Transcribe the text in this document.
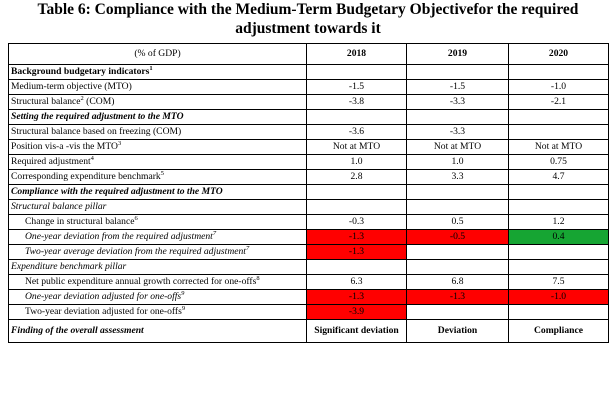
Table 6: Compliance with the Medium-Term Budgetary Objectivefor the required
adjustment towards it
(% of GDP)	2018	2019	2020
Background budgetary indicators$^1$			
Medium-term objective (MTO)	-1.5	-1.5	-1.0
Structural balance$^2$ (COM)	-3.8	-3.3	-2.1
Setting the required adjustment to the MTO			
Structural balance based on freezing (COM)	-3.6	-3.3	
Position vis-a -vis the MTO$^3$	Not at MTO	Not at MTO	Not at MTO
Required adjustment$^4$	1.0	1.0	0.75
Corresponding expenditure benchmark$^5$	2.8	3.3	4.7
Compliance with the required adjustment to the MTO			
Structural balance pillar			
Change in structural balance$^6$	-0.3	0.5	1.2
One-year deviation from the required adjustment$^7$	-1.3	-0.5	0.4
Two-year average deviation from the required adjustment$^7$	-1.3		
Expenditure benchmark pillar			
Net public expenditure annual growth corrected for one-offs$^8$	6.3	6.8	7.5
One-year deviation adjusted for one-offs$^9$	-1.3	-1.3	-1.0
Two-year deviation adjusted for one-offs$^9$	-3.9		
Finding of the overall assessment	Significant deviation	Deviation	Compliance
